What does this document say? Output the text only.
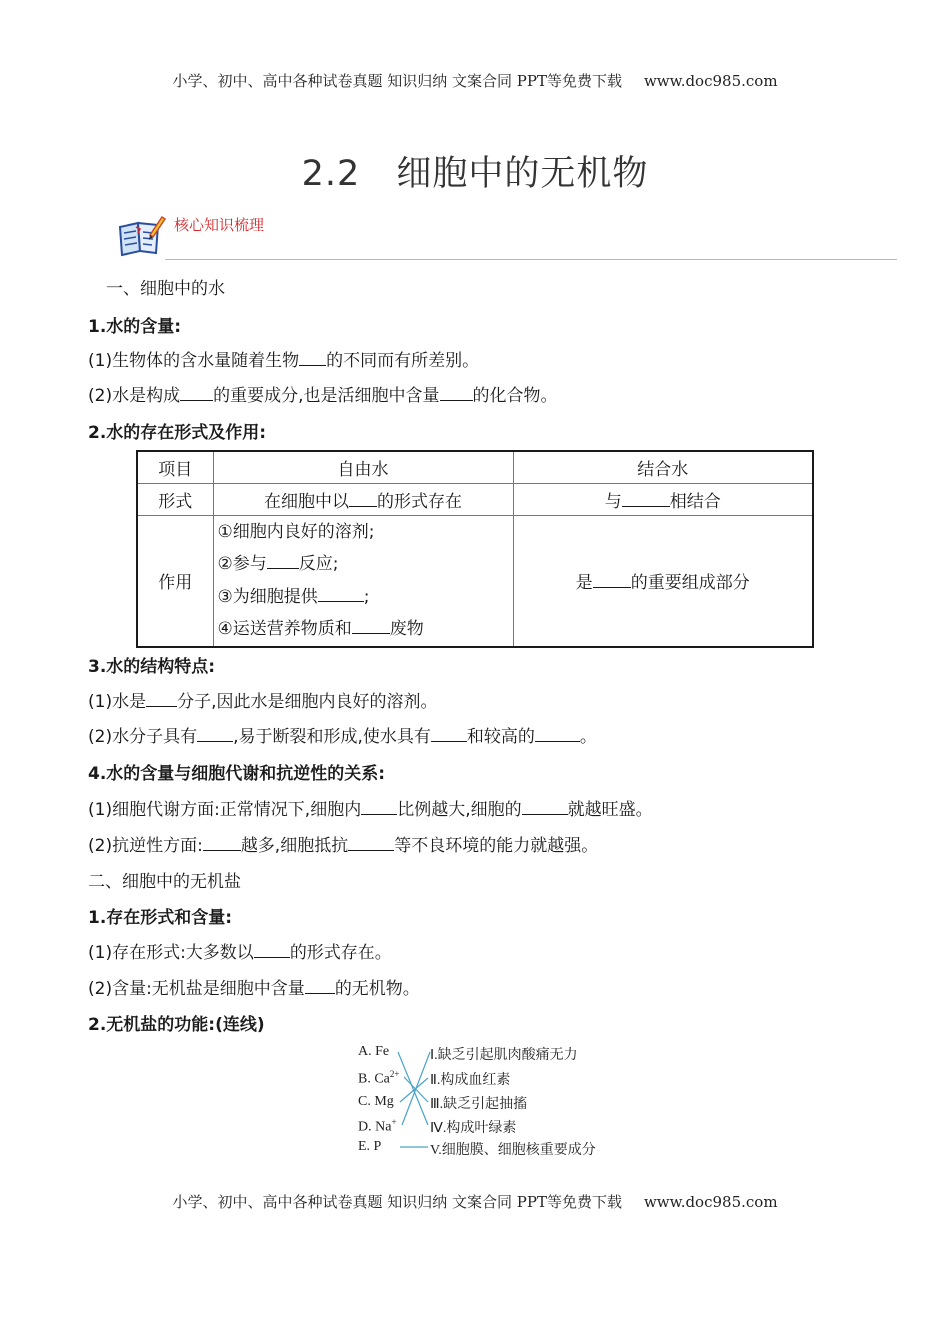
小学、初中、高中各种试卷真题 知识归纳 文案合同 PPT等免费下载 www.doc985.com
2.2 细胞中的无机物
核心知识梳理
一、细胞中的水
1.水的含量:
(1)生物体的含水量随着生物 的不同而有所差别。
(2)水是构成 的重要成分,也是活细胞中含量 的化合物。
2.水的存在形式及作用:
项目	自由水	结合水
形式	在细胞中以 的形式存在	与 相结合
作用	①细胞内良好的溶剂;
②参与 反应;
③为细胞提供 ;
④运送营养物质和 废物	是 的重要组成部分
3.水的结构特点:
(1)水是 分子,因此水是细胞内良好的溶剂。
(2)水分子具有 ,易于断裂和形成,使水具有 和较高的	。
4.水的含量与细胞代谢和抗逆性的关系:
(1)细胞代谢方面:正常情况下,细胞内 比例越大,细胞的	就越旺盛。
(2)抗逆性方面: 越多,细胞抵抗	等不良环境的能力就越强。
二、细胞中的无机盐
1.存在形式和含量:
(1)存在形式:大多数以 的形式存在。
(2)含量:无机盐是细胞中含量 的无机物。
2.无机盐的功能:(连线)
A. Fe
B. $Ca^{2+}$
C. Mg
D. Na+
E. P
Ⅰ.缺乏引起肌肉酸痛无力
Ⅱ.构成血红素
Ⅲ.缺乏引起抽搐
Ⅳ.构成叶绿素
V.细胞膜、细胞核重要成分
小学、初中、高中各种试卷真题 知识归纳 文案合同 PPT等免费下载 www.doc985.com
